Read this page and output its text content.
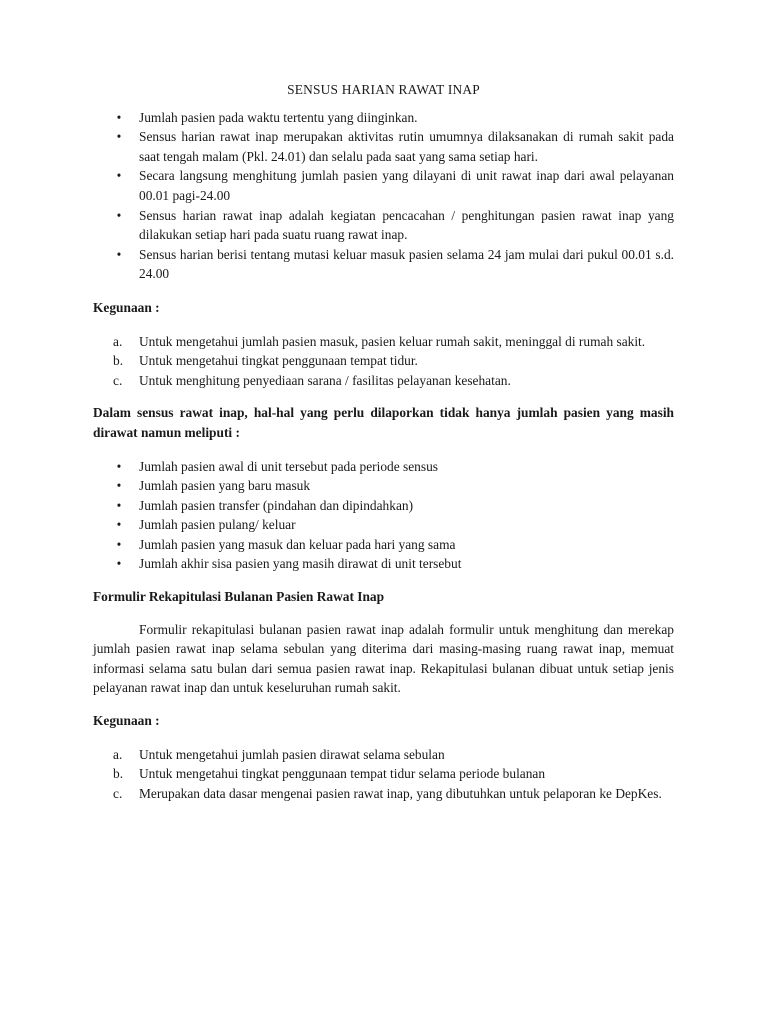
SENSUS HARIAN RAWAT INAP
• Jumlah pasien pada waktu tertentu yang diinginkan.
• Sensus harian rawat inap merupakan aktivitas rutin umumnya dilaksanakan di rumah sakit pada saat tengah malam (Pkl. 24.01) dan selalu pada saat yang sama setiap hari.
• Secara langsung menghitung jumlah pasien yang dilayani di unit rawat inap dari awal pelayanan 00.01 pagi-24.00
• Sensus harian rawat inap adalah kegiatan pencacahan / penghitungan pasien rawat inap yang dilakukan setiap hari pada suatu ruang rawat inap.
• Sensus harian berisi tentang mutasi keluar masuk pasien selama 24 jam mulai dari pukul 00.01 s.d. 24.00

Kegunaan :

a.	Untuk mengetahui jumlah pasien masuk, pasien keluar rumah sakit, meninggal di rumah sakit.
b.	Untuk mengetahui tingkat penggunaan tempat tidur.
c.	Untuk menghitung penyediaan sarana / fasilitas pelayanan kesehatan.

Dalam sensus rawat inap, hal-hal yang perlu dilaporkan tidak hanya jumlah pasien yang masih dirawat namun meliputi :

• Jumlah pasien awal di unit tersebut pada periode sensus
• Jumlah pasien yang baru masuk
• Jumlah pasien transfer (pindahan dan dipindahkan)
• Jumlah pasien pulang/ keluar
• Jumlah pasien yang masuk dan keluar pada hari yang sama
• Jumlah akhir sisa pasien yang masih dirawat di unit tersebut

Formulir Rekapitulasi Bulanan Pasien Rawat Inap

Formulir rekapitulasi bulanan pasien rawat inap adalah formulir untuk menghitung dan merekap jumlah pasien rawat inap selama sebulan yang diterima dari masing-masing ruang rawat inap, memuat informasi selama satu bulan dari semua pasien rawat inap. Rekapitulasi bulanan dibuat untuk setiap jenis pelayanan rawat inap dan untuk keseluruhan rumah sakit.

Kegunaan :

a.	Untuk mengetahui jumlah pasien dirawat selama sebulan
b.	Untuk mengetahui tingkat penggunaan tempat tidur selama periode bulanan
c.	Merupakan data dasar mengenai pasien rawat inap, yang dibutuhkan untuk pelaporan ke DepKes.
